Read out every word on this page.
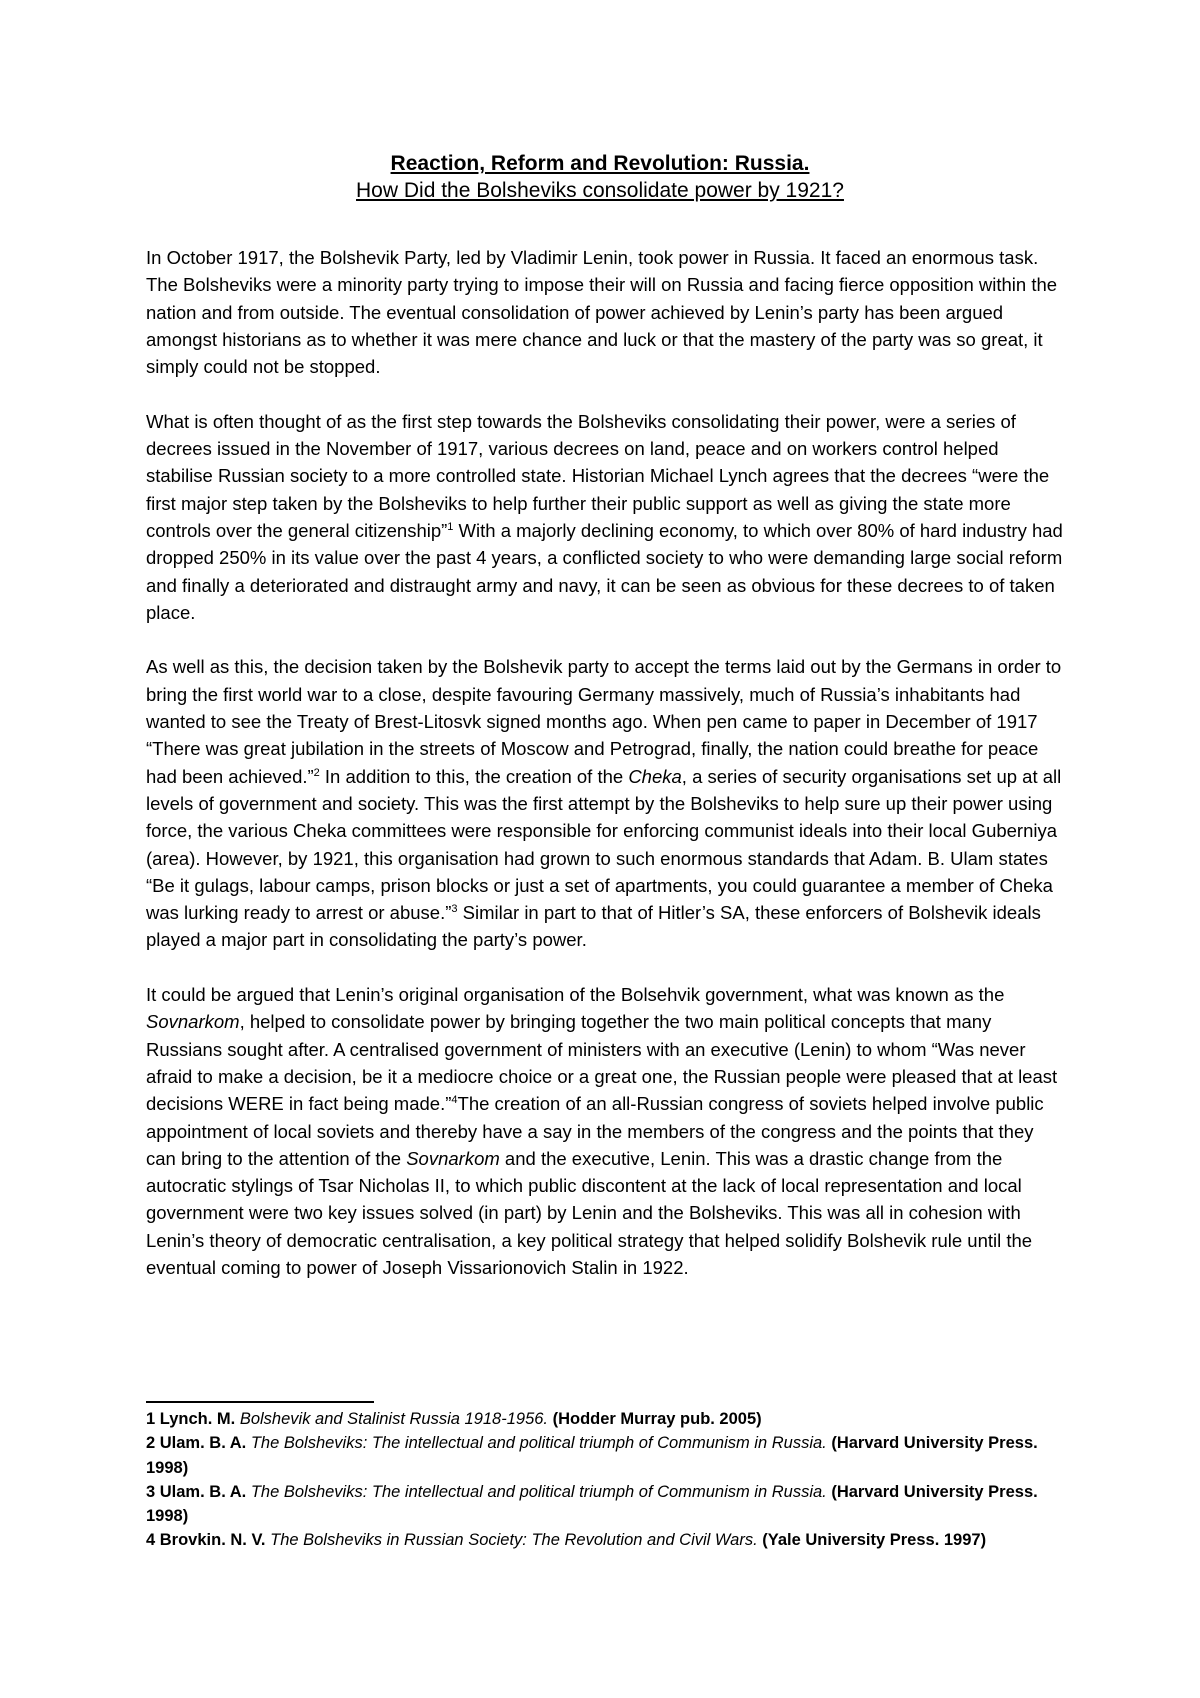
Reaction, Reform and Revolution: Russia.
How Did the Bolsheviks consolidate power by 1921?

In October 1917, the Bolshevik Party, led by Vladimir Lenin, took power in Russia. It faced an enormous task. The Bolsheviks were a minority party trying to impose their will on Russia and facing fierce opposition within the nation and from outside. The eventual consolidation of power achieved by Lenin’s party has been argued amongst historians as to whether it was mere chance and luck or that the mastery of the party was so great, it simply could not be stopped.

What is often thought of as the first step towards the Bolsheviks consolidating their power, were a series of decrees issued in the November of 1917, various decrees on land, peace and on workers control helped stabilise Russian society to a more controlled state. Historian Michael Lynch agrees that the decrees “were the first major step taken by the Bolsheviks to help further their public support as well as giving the state more controls over the general citizenship”$^1$ With a majorly declining economy, to which over 80% of hard industry had dropped 250% in its value over the past 4 years, a conflicted society to who were demanding large social reform and finally a deteriorated and distraught army and navy, it can be seen as obvious for these decrees to of taken place.

As well as this, the decision taken by the Bolshevik party to accept the terms laid out by the Germans in order to bring the first world war to a close, despite favouring Germany massively, much of Russia’s inhabitants had wanted to see the Treaty of Brest-Litosvk signed months ago. When pen came to paper in December of 1917 “There was great jubilation in the streets of Moscow and Petrograd, finally, the nation could breathe for peace had been achieved.”$^2$ In addition to this, the creation of the Cheka, a series of security organisations set up at all levels of government and society. This was the first attempt by the Bolsheviks to help sure up their power using force, the various Cheka committees were responsible for enforcing communist ideals into their local Guberniya (area). However, by 1921, this organisation had grown to such enormous standards that Adam. B. Ulam states “Be it gulags, labour camps, prison blocks or just a set of apartments, you could guarantee a member of Cheka was lurking ready to arrest or abuse.”$^3$ Similar in part to that of Hitler’s SA, these enforcers of Bolshevik ideals played a major part in consolidating the party’s power.

It could be argued that Lenin’s original organisation of the Bolsehvik government, what was known as the Sovnarkom, helped to consolidate power by bringing together the two main political concepts that many Russians sought after. A centralised government of ministers with an executive (Lenin) to whom “Was never afraid to make a decision, be it a mediocre choice or a great one, the Russian people were pleased that at least decisions WERE in fact being made.”$^4$The creation of an all-Russian congress of soviets helped involve public appointment of local soviets and thereby have a say in the members of the congress and the points that they can bring to the attention of the Sovnarkom and the executive, Lenin. This was a drastic change from the autocratic stylings of Tsar Nicholas II, to which public discontent at the lack of local representation and local government were two key issues solved (in part) by Lenin and the Bolsheviks. This was all in cohesion with Lenin’s theory of democratic centralisation, a key political strategy that helped solidify Bolshevik rule until the eventual coming to power of Joseph Vissarionovich Stalin in 1922.

1 Lynch. M. Bolshevik and Stalinist Russia 1918-1956. (Hodder Murray pub. 2005)

2 Ulam. B. A. The Bolsheviks: The intellectual and political triumph of Communism in Russia. (Harvard University Press. 1998)

3 Ulam. B. A. The Bolsheviks: The intellectual and political triumph of Communism in Russia. (Harvard University Press. 1998)

4 Brovkin. N. V. The Bolsheviks in Russian Society: The Revolution and Civil Wars. (Yale University Press. 1997)
